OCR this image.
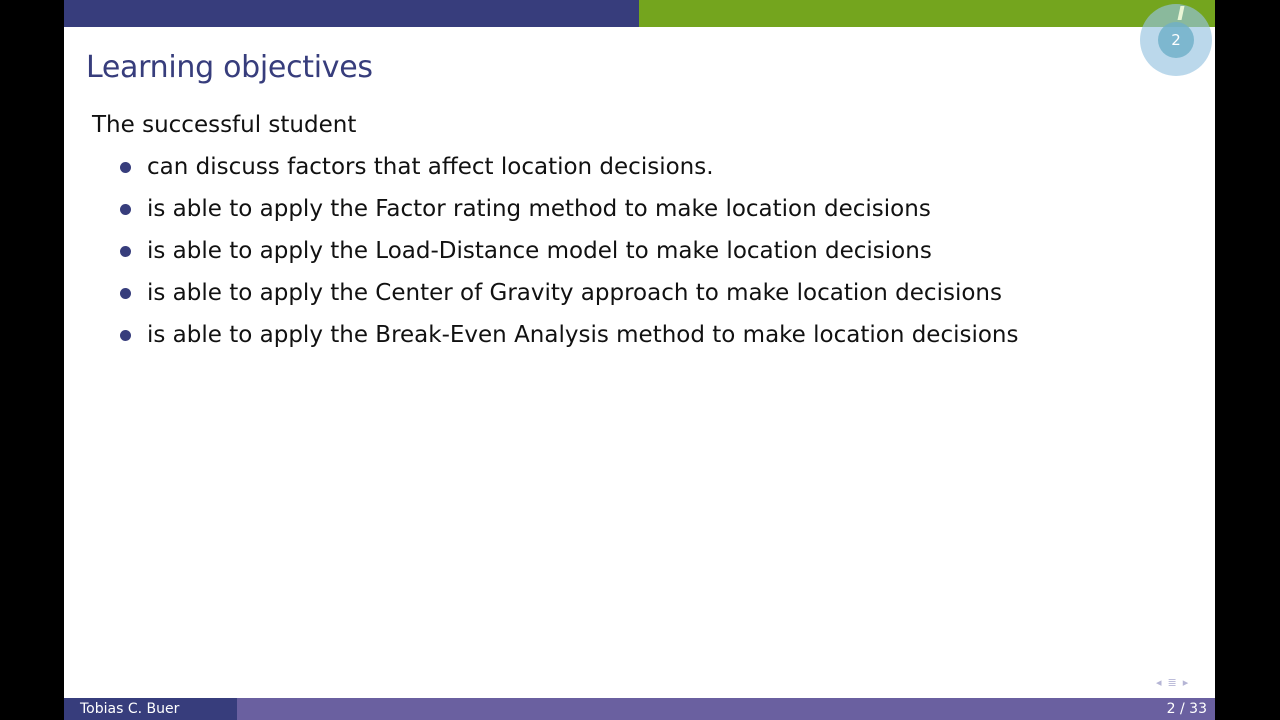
2
Learning objectives
The successful student
can discuss factors that affect location decisions.
is able to apply the Factor rating method to make location decisions
is able to apply the Load-Distance model to make location decisions
is able to apply the Center of Gravity approach to make location decisions
is able to apply the Break-Even Analysis method to make location decisions
◂ ≣ ▸
Tobias C. Buer	2 / 33
